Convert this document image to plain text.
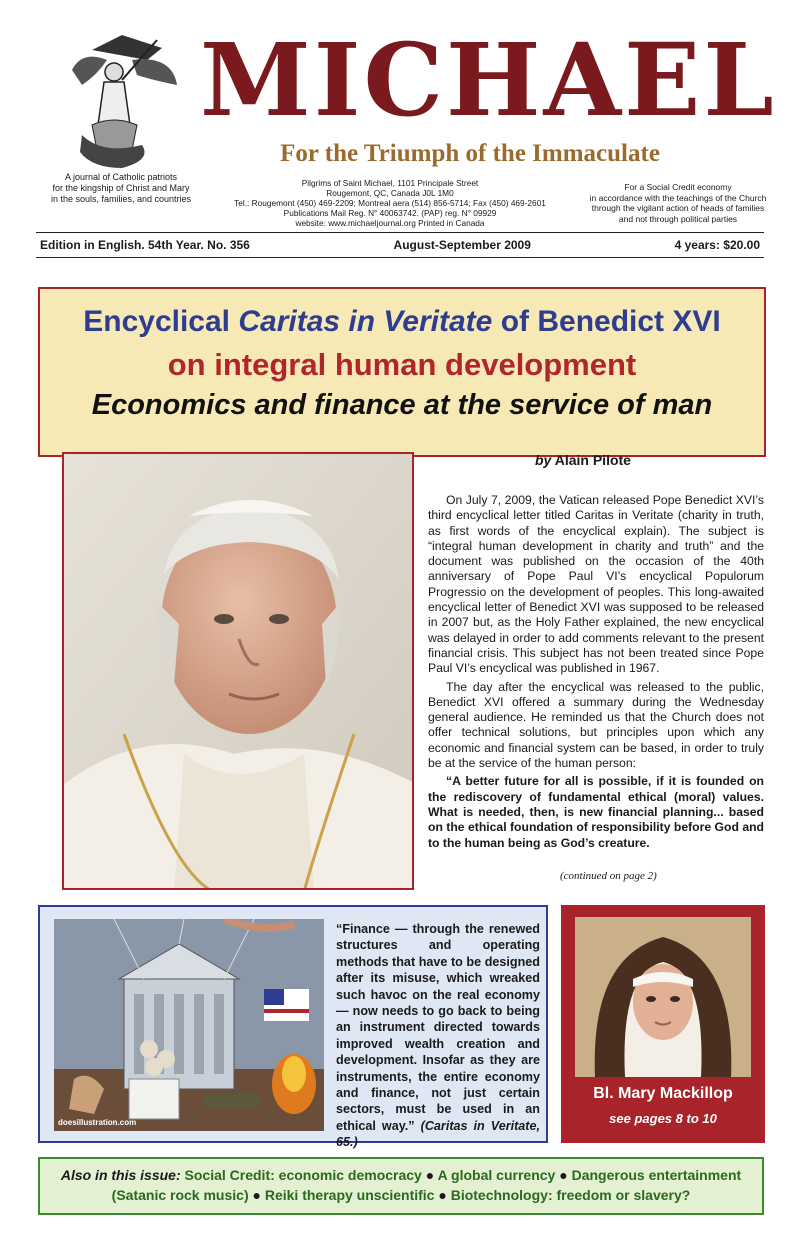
MICHAEL
For the Triumph of the Immaculate
A journal of Catholic patriots
for the kingship of Christ and Mary
in the souls, families, and countries
Pilgrims of Saint Michael, 1101 Principale Street
Rougemont, QC, Canada J0L 1M0
Tel.: Rougemont (450) 469-2209; Montreal aera (514) 856-5714; Fax (450) 469-2601
Publications Mail Reg. N° 40063742. (PAP) reg. N° 09929
website: www.michaeljournal.org Printed in Canada
For a Social Credit economy
in accordance with the teachings of the Church
through the vigilant action of heads of families
and not through political parties
Edition in English. 54th Year. No. 356	August-September 2009	4 years: $20.00
Encyclical Caritas in Veritate of Benedict XVI
on integral human development
Economics and finance at the service of man
by Alain Pilote

On July 7, 2009, the Vatican released Pope Benedict XVI’s third encyclical letter titled Caritas in Veritate (charity in truth, as first words of the encyclical explain). The subject is “integral human development in charity and truth” and the document was published on the occasion of the 40th anniversary of Pope Paul VI’s encyclical Populorum Progressio on the development of peoples. This long-awaited encyclical letter of Benedict XVI was supposed to be released in 2007 but, as the Holy Father explained, the new encyclical was delayed in order to add comments relevant to the present financial crisis. This subject has not been treated since Pope Paul VI’s encyclical was published in 1967.

The day after the encyclical was released to the public, Benedict XVI offered a summary during the Wednesday general audience. He reminded us that the Church does not offer technical solutions, but principles upon which any economic and financial system can be based, in order to truly be at the service of the human person:

“A better future for all is possible, if it is founded on the rediscovery of fundamental ethical (moral) values. What is needed, then, is new financial planning... based on the ethical foundation of responsibility before God and to the human being as God’s creature.

(continued on page 2)
doesillustration.com
“Finance — through the renewed structures and operating methods that have to be designed after its misuse, which wreaked such havoc on the real economy — now needs to go back to being an instrument directed towards improved wealth creation and development. Insofar as they are instruments, the entire economy and finance, not just certain sectors, must be used in an ethical way.” (Caritas in Veritate, 65.)
Bl. Mary Mackillop
see pages 8 to 10
Also in this issue: Social Credit: economic democracy ● A global currency ● Dangerous entertainment (Satanic rock music) ● Reiki therapy unscientific ● Biotechnology: freedom or slavery?
